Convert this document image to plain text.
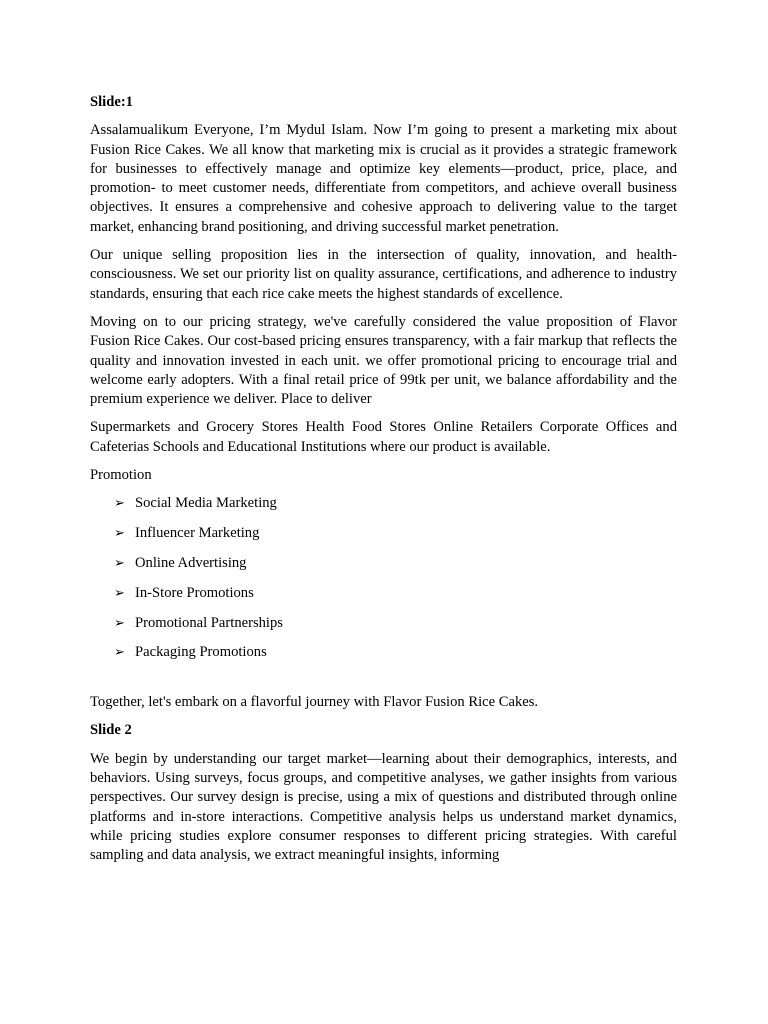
Slide:1

Assalamualikum Everyone, I’m Mydul Islam. Now I’m going to present a marketing mix about Fusion Rice Cakes. We all know that marketing mix is crucial as it provides a strategic framework for businesses to effectively manage and optimize key elements—product, price, place, and promotion- to meet customer needs, differentiate from competitors, and achieve overall business objectives. It ensures a comprehensive and cohesive approach to delivering value to the target market, enhancing brand positioning, and driving successful market penetration.

Our unique selling proposition lies in the intersection of quality, innovation, and health-consciousness. We set our priority list on quality assurance, certifications, and adherence to industry standards, ensuring that each rice cake meets the highest standards of excellence.

Moving on to our pricing strategy, we've carefully considered the value proposition of Flavor Fusion Rice Cakes. Our cost-based pricing ensures transparency, with a fair markup that reflects the quality and innovation invested in each unit. we offer promotional pricing to encourage trial and welcome early adopters. With a final retail price of 99tk per unit, we balance affordability and the premium experience we deliver. Place to deliver

Supermarkets and Grocery Stores Health Food Stores Online Retailers Corporate Offices and Cafeterias Schools and Educational Institutions where our product is available.

Promotion

➢ Social Media Marketing
➢ Influencer Marketing
➢ Online Advertising
➢ In-Store Promotions
➢ Promotional Partnerships
➢ Packaging Promotions

Together, let's embark on a flavorful journey with Flavor Fusion Rice Cakes.

Slide 2

We begin by understanding our target market—learning about their demographics, interests, and behaviors. Using surveys, focus groups, and competitive analyses, we gather insights from various perspectives. Our survey design is precise, using a mix of questions and distributed through online platforms and in-store interactions. Competitive analysis helps us understand market dynamics, while pricing studies explore consumer responses to different pricing strategies. With careful sampling and data analysis, we extract meaningful insights, informing
